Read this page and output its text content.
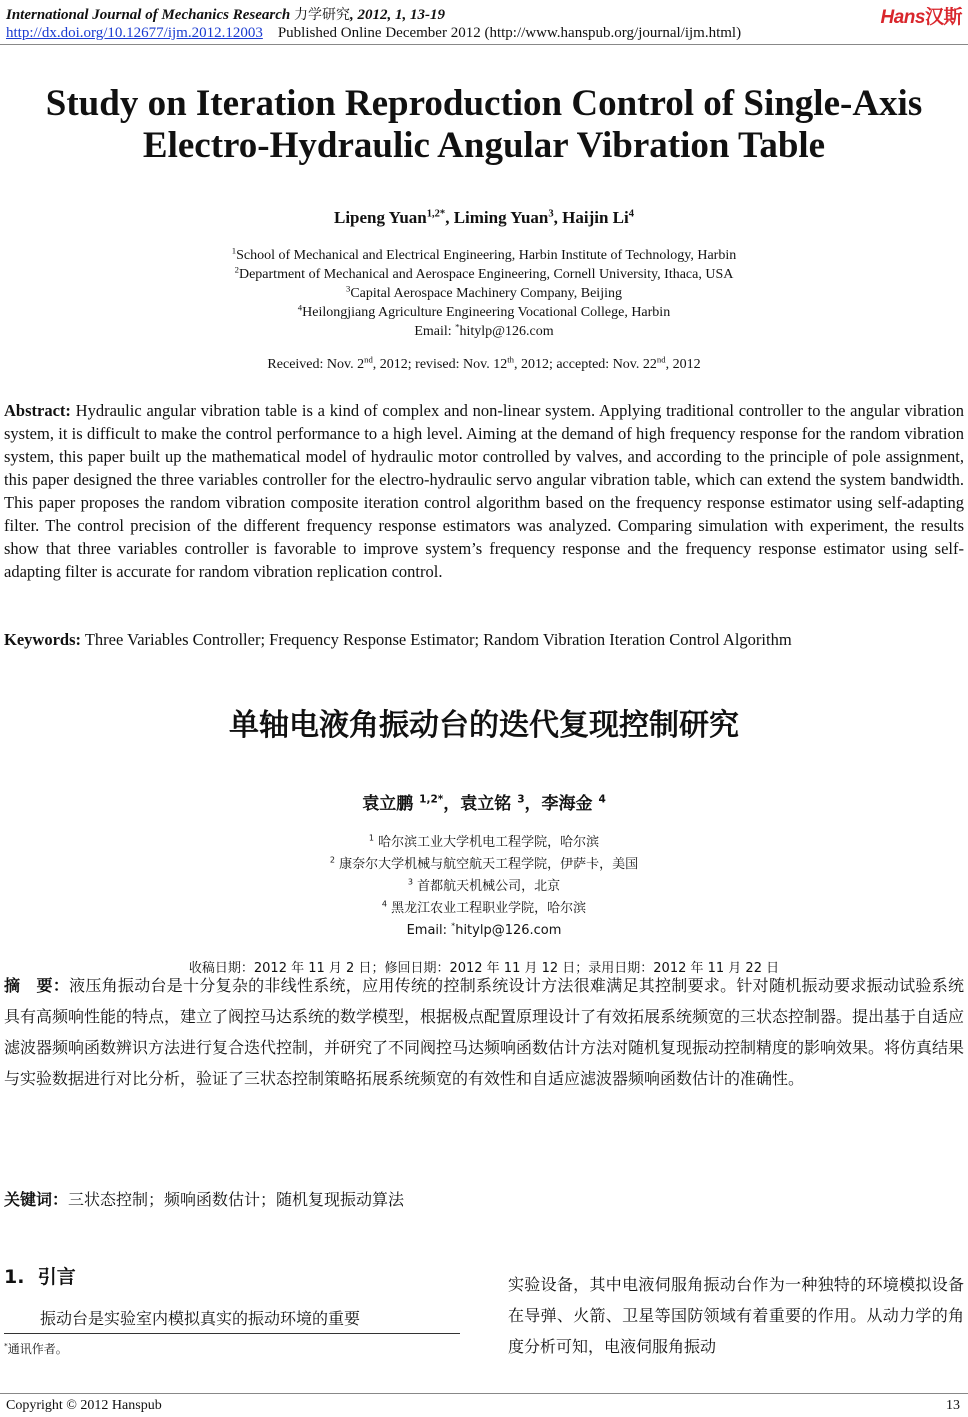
International Journal of Mechanics Research 力学研究, 2012, 1, 13-19	Hans汉斯
http://dx.doi.org/10.12677/ijm.2012.12003 Published Online December 2012 (http://www.hanspub.org/journal/ijm.html)
Study on Iteration Reproduction Control of Single-Axis
Electro-Hydraulic Angular Vibration Table
Lipeng Yuan$^{1,2*}$, Liming Yuan$^3$, Haijin Li$^4$
$^1$School of Mechanical and Electrical Engineering, Harbin Institute of Technology, Harbin
$^2$Department of Mechanical and Aerospace Engineering, Cornell University, Ithaca, USA
$^3$Capital Aerospace Machinery Company, Beijing
$^4$Heilongjiang Agriculture Engineering Vocational College, Harbin
Email: *hitylp@126.com
Received: Nov. 2nd, 2012; revised: Nov. 12th, 2012; accepted: Nov. 22nd, 2012
Abstract: Hydraulic angular vibration table is a kind of complex and non-linear system. Applying traditional controller to the angular vibration system, it is difficult to make the control performance to a high level. Aiming at the demand of high frequency response for the random vibration system, this paper built up the mathematical model of hydraulic motor controlled by valves, and according to the principle of pole assignment, this paper designed the three variables controller for the electro-hydraulic servo angular vibration table, which can extend the system bandwidth. This paper proposes the random vibration composite iteration control algorithm based on the frequency response estimator using self-adapting filter. The control precision of the different frequency response estimators was analyzed. Comparing simulation with experiment, the results show that three variables controller is favorable to improve system’s frequency response and the frequency response estimator using self-adapting filter is accurate for random vibration replication control.
Keywords: Three Variables Controller; Frequency Response Estimator; Random Vibration Iteration Control Algorithm
单轴电液角振动台的迭代复现控制研究
袁立鹏 $^{1,2*}$，袁立铭 $^3$，李海金 $^4$
$^1$ 哈尔滨工业大学机电工程学院，哈尔滨
$^2$ 康奈尔大学机械与航空航天工程学院，伊萨卡，美国
$^3$ 首都航天机械公司，北京
$^4$ 黑龙江农业工程职业学院，哈尔滨
Email: *hitylp@126.com
收稿日期：2012 年 11 月 2 日；修回日期：2012 年 11 月 12 日；录用日期：2012 年 11 月 22 日
摘　要：液压角振动台是十分复杂的非线性系统，应用传统的控制系统设计方法很难满足其控制要求。针对随机振动要求振动试验系统具有高频响性能的特点，建立了阀控马达系统的数学模型，根据极点配置原理设计了有效拓展系统频宽的三状态控制器。提出基于自适应滤波器频响函数辨识方法进行复合迭代控制，并研究了不同阀控马达频响函数估计方法对随机复现振动控制精度的影响效果。将仿真结果与实验数据进行对比分析，验证了三状态控制策略拓展系统频宽的有效性和自适应滤波器频响函数估计的准确性。
关键词：三状态控制；频响函数估计；随机复现振动算法
1. 引言
振动台是实验室内模拟真实的振动环境的重要
*通讯作者。
实验设备，其中电液伺服角振动台作为一种独特的环境模拟设备在导弹、火箭、卫星等国防领域有着重要的作用。从动力学的角度分析可知，电液伺服角振动
Copyright © 2012 Hanspub	13
